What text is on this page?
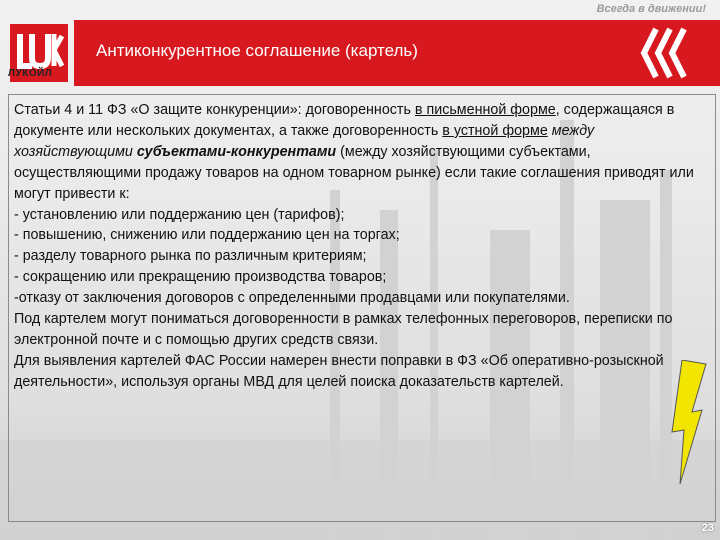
Всегда в движении!
ЛУКОЙЛ
Антиконкурентное соглашение (картель)

Статьи 4 и 11 ФЗ «О защите конкуренции»: договоренность в письменной форме, содержащаяся в документе или нескольких документах, а также договоренность в устной форме между хозяйствующими субъектами-конкурентами (между хозяйствующими субъектами, осуществляющими продажу товаров на одном товарном рынке) если такие соглашения приводят или могут привести к:

- установлению или поддержанию цен (тарифов);

- повышению, снижению или поддержанию цен на торгах;

- разделу товарного рынка по различным критериям;

- сокращению или прекращению производства товаров;

-отказу от заключения договоров с определенными продавцами или покупателями.

Под картелем могут пониматься договоренности в рамках телефонных переговоров, переписки по электронной почте и с помощью других средств связи.

Для выявления картелей ФАС России намерен внести поправки в ФЗ «Об оперативно-розыскной деятельности», используя органы МВД для целей поиска доказательств картелей.

23
